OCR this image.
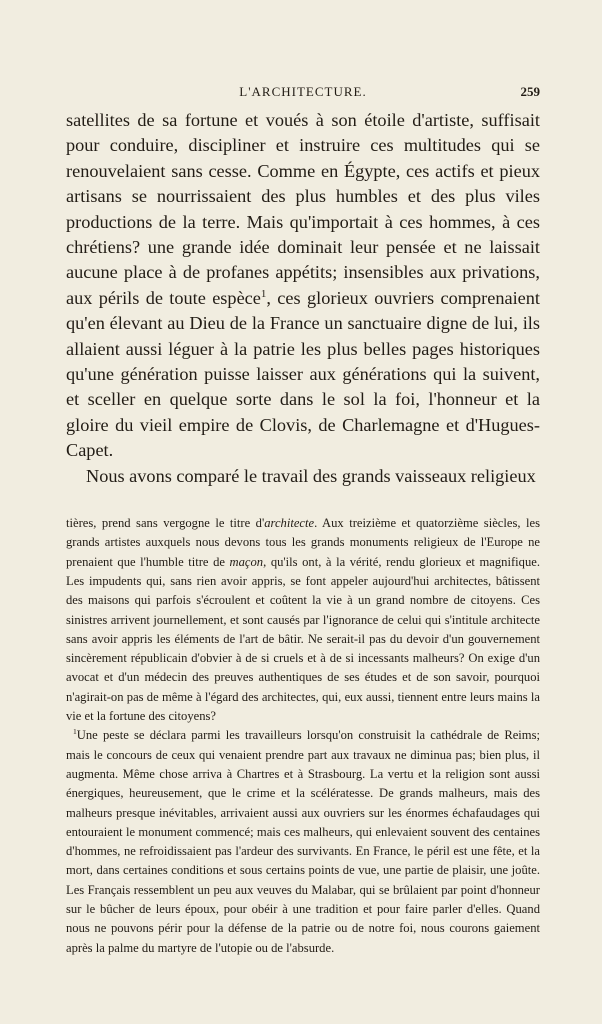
L'ARCHITECTURE.	259

satellites de sa fortune et voués à son étoile d'artiste, suffisait pour conduire, discipliner et instruire ces multitudes qui se renouvelaient sans cesse. Comme en Égypte, ces actifs et pieux artisans se nourrissaient des plus humbles et des plus viles productions de la terre. Mais qu'importait à ces hommes, à ces chrétiens? une grande idée dominait leur pensée et ne laissait aucune place à de profanes appétits; insensibles aux privations, aux périls de toute espèce$^1$, ces glorieux ouvriers comprenaient qu'en élevant au Dieu de la France un sanctuaire digne de lui, ils allaient aussi léguer à la patrie les plus belles pages historiques qu'une génération puisse laisser aux générations qui la suivent, et sceller en quelque sorte dans le sol la foi, l'honneur et la gloire du vieil empire de Clovis, de Charlemagne et d'Hugues-Capet.

Nous avons comparé le travail des grands vaisseaux religieux

tières, prend sans vergogne le titre d'architecte. Aux treizième et quatorzième siècles, les grands artistes auxquels nous devons tous les grands monuments religieux de l'Europe ne prenaient que l'humble titre de maçon, qu'ils ont, à la vérité, rendu glorieux et magnifique. Les impudents qui, sans rien avoir appris, se font appeler aujourd'hui architectes, bâtissent des maisons qui parfois s'écroulent et coûtent la vie à un grand nombre de citoyens. Ces sinistres arrivent journellement, et sont causés par l'ignorance de celui qui s'intitule architecte sans avoir appris les éléments de l'art de bâtir. Ne serait-il pas du devoir d'un gouvernement sincèrement républicain d'obvier à de si cruels et à de si incessants malheurs? On exige d'un avocat et d'un médecin des preuves authentiques de ses études et de son savoir, pourquoi n'agirait-on pas de même à l'égard des architectes, qui, eux aussi, tiennent entre leurs mains la vie et la fortune des citoyens?

$^1$Une peste se déclara parmi les travailleurs lorsqu'on construisit la cathédrale de Reims; mais le concours de ceux qui venaient prendre part aux travaux ne diminua pas; bien plus, il augmenta. Même chose arriva à Chartres et à Strasbourg. La vertu et la religion sont aussi énergiques, heureusement, que le crime et la scélératesse. De grands malheurs, mais des malheurs presque inévitables, arrivaient aussi aux ouvriers sur les énormes échafaudages qui entouraient le monument commencé; mais ces malheurs, qui enlevaient souvent des centaines d'hommes, ne refroidissaient pas l'ardeur des survivants. En France, le péril est une fête, et la mort, dans certaines conditions et sous certains points de vue, une partie de plaisir, une joûte. Les Français ressemblent un peu aux veuves du Malabar, qui se brûlaient par point d'honneur sur le bûcher de leurs époux, pour obéir à une tradition et pour faire parler d'elles. Quand nous ne pouvons périr pour la défense de la patrie ou de notre foi, nous courons gaiement après la palme du martyre de l'utopie ou de l'absurde.
